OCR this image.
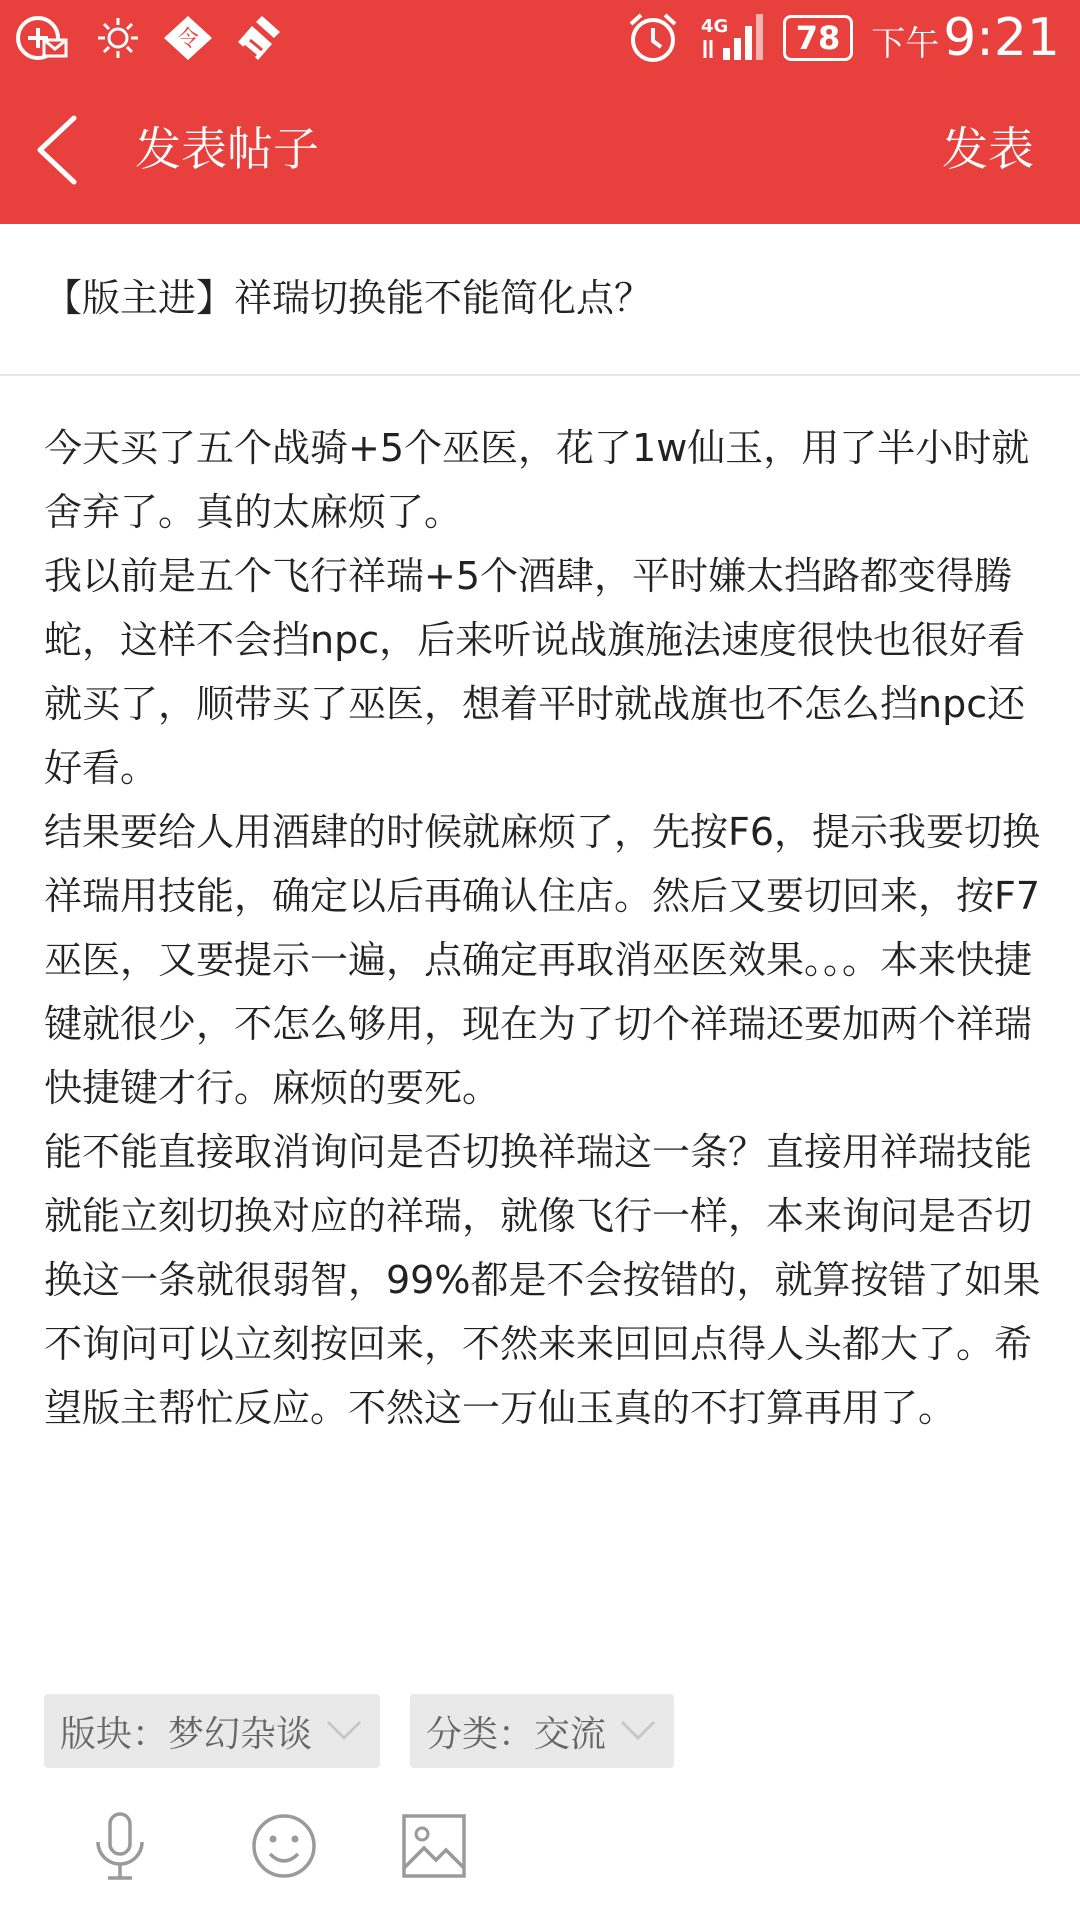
令
4G	78 下午 9:21
发表帖子	发表
【版主进】祥瑞切换能不能简化点？
今天买了五个战骑+5个巫医，花了1w仙玉，用了半小时就舍弃了。真的太麻烦了。
我以前是五个飞行祥瑞+5个酒肆，平时嫌太挡路都变得腾蛇，这样不会挡npc，后来听说战旗施法速度很快也很好看就买了，顺带买了巫医，想着平时就战旗也不怎么挡npc还好看。
结果要给人用酒肆的时候就麻烦了，先按F6，提示我要切换祥瑞用技能，确定以后再确认住店。然后又要切回来，按F7巫医，又要提示一遍，点确定再取消巫医效果。。。本来快捷键就很少，不怎么够用，现在为了切个祥瑞还要加两个祥瑞快捷键才行。麻烦的要死。
能不能直接取消询问是否切换祥瑞这一条？直接用祥瑞技能就能立刻切换对应的祥瑞，就像飞行一样，本来询问是否切换这一条就很弱智，99%都是不会按错的，就算按错了如果不询问可以立刻按回来，不然来来回回点得人头都大了。希望版主帮忙反应。不然这一万仙玉真的不打算再用了。
版块：梦幻杂谈	分类：交流
